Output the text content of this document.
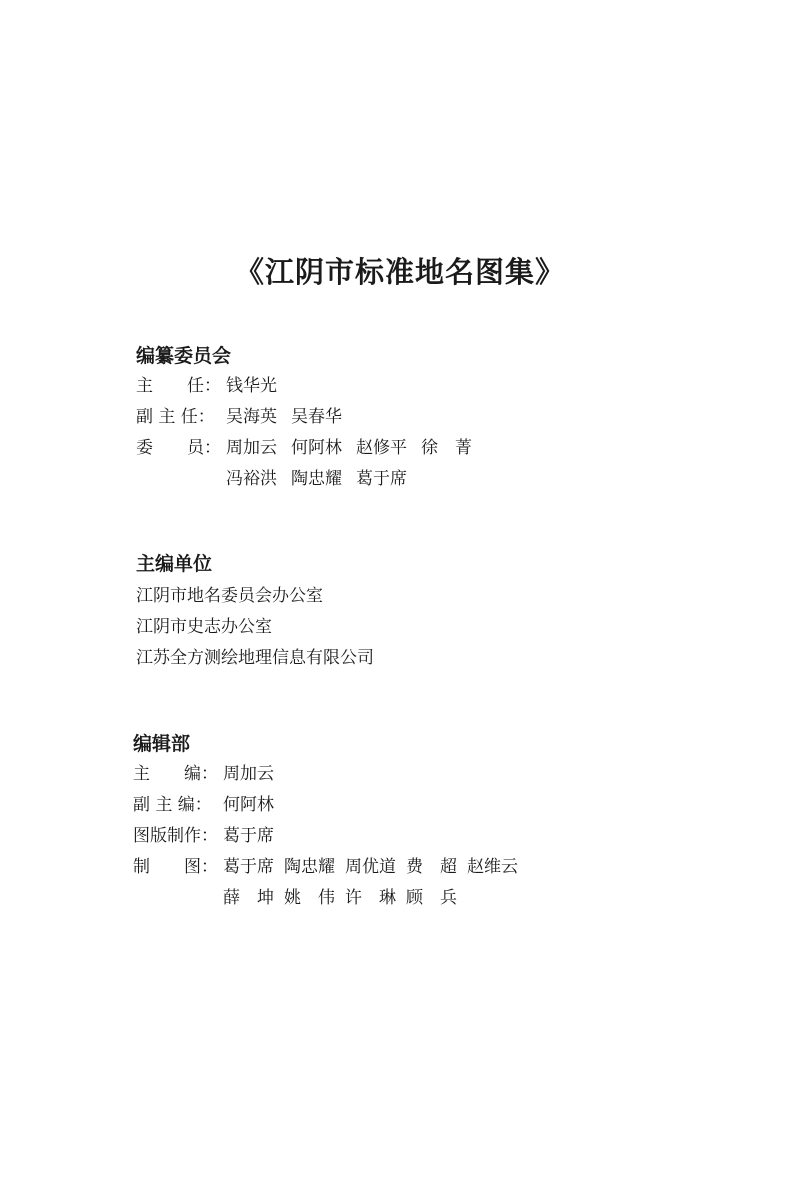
《江阴市标准地名图集》
编纂委员会
主　　任： 钱华光
副 主 任： 吴海英 吴春华
委　　员： 周加云 何阿林 赵修平 徐　菁
冯裕洪 陶忠耀 葛于席
主编单位
江阴市地名委员会办公室
江阴市史志办公室
江苏全方测绘地理信息有限公司
编辑部
主　　编： 周加云
副 主 编： 何阿林
图版制作： 葛于席
制　　图： 葛于席 陶忠耀 周优道 费　超 赵维云
薛　坤 姚　伟 许　琳 顾　兵
